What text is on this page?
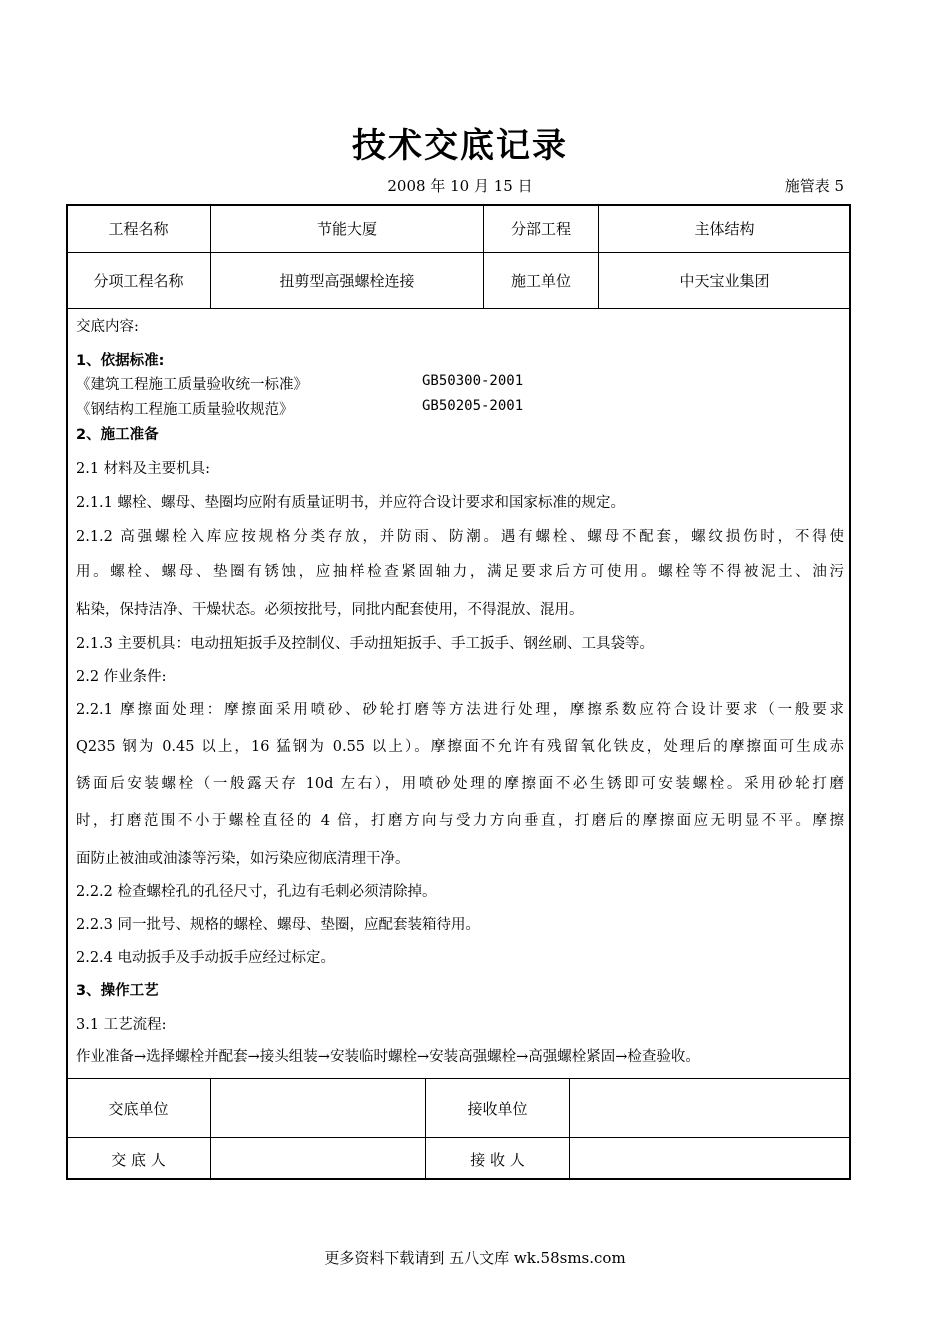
技术交底记录
2008 年 10 月 15 日	施管表 5
工程名称	节能大厦	分部工程	主体结构
分项工程名称	扭剪型高强螺栓连接	施工单位	中天宝业集团
交底内容:
1、依据标准:
《建筑工程施工质量验收统一标准》	GB50300-2001
《钢结构工程施工质量验收规范》	GB50205-2001
2、施工准备
2.1 材料及主要机具:
2.1.1 螺栓、螺母、垫圈均应附有质量证明书，并应符合设计要求和国家标准的规定。
2.1.2 高强螺栓入库应按规格分类存放，并防雨、防潮。遇有螺栓、螺母不配套，螺纹损伤时，不得使
用。螺栓、螺母、垫圈有锈蚀，应抽样检查紧固轴力，满足要求后方可使用。螺栓等不得被泥土、油污
粘染，保持洁净、干燥状态。必须按批号，同批内配套使用，不得混放、混用。
2.1.3 主要机具：电动扭矩扳手及控制仪、手动扭矩扳手、手工扳手、钢丝刷、工具袋等。
2.2 作业条件:
2.2.1 摩擦面处理：摩擦面采用喷砂、砂轮打磨等方法进行处理，摩擦系数应符合设计要求（一般要求
Q235 钢为 0.45 以上，16 猛钢为 0.55 以上）。摩擦面不允许有残留氧化铁皮，处理后的摩擦面可生成赤
锈面后安装螺栓（一般露天存 10d 左右），用喷砂处理的摩擦面不必生锈即可安装螺栓。采用砂轮打磨
时，打磨范围不小于螺栓直径的 4 倍，打磨方向与受力方向垂直，打磨后的摩擦面应无明显不平。摩擦
面防止被油或油漆等污染，如污染应彻底清理干净。
2.2.2 检查螺栓孔的孔径尺寸，孔边有毛刺必须清除掉。
2.2.3 同一批号、规格的螺栓、螺母、垫圈，应配套装箱待用。
2.2.4 电动扳手及手动扳手应经过标定。
3、操作工艺
3.1 工艺流程:
作业准备→选择螺栓并配套→接头组装→安装临时螺栓→安装高强螺栓→高强螺栓紧固→检查验收。
交底单位	接收单位
交 底 人	接 收 人
更多资料下载请到 五八文库 wk.58sms.com
